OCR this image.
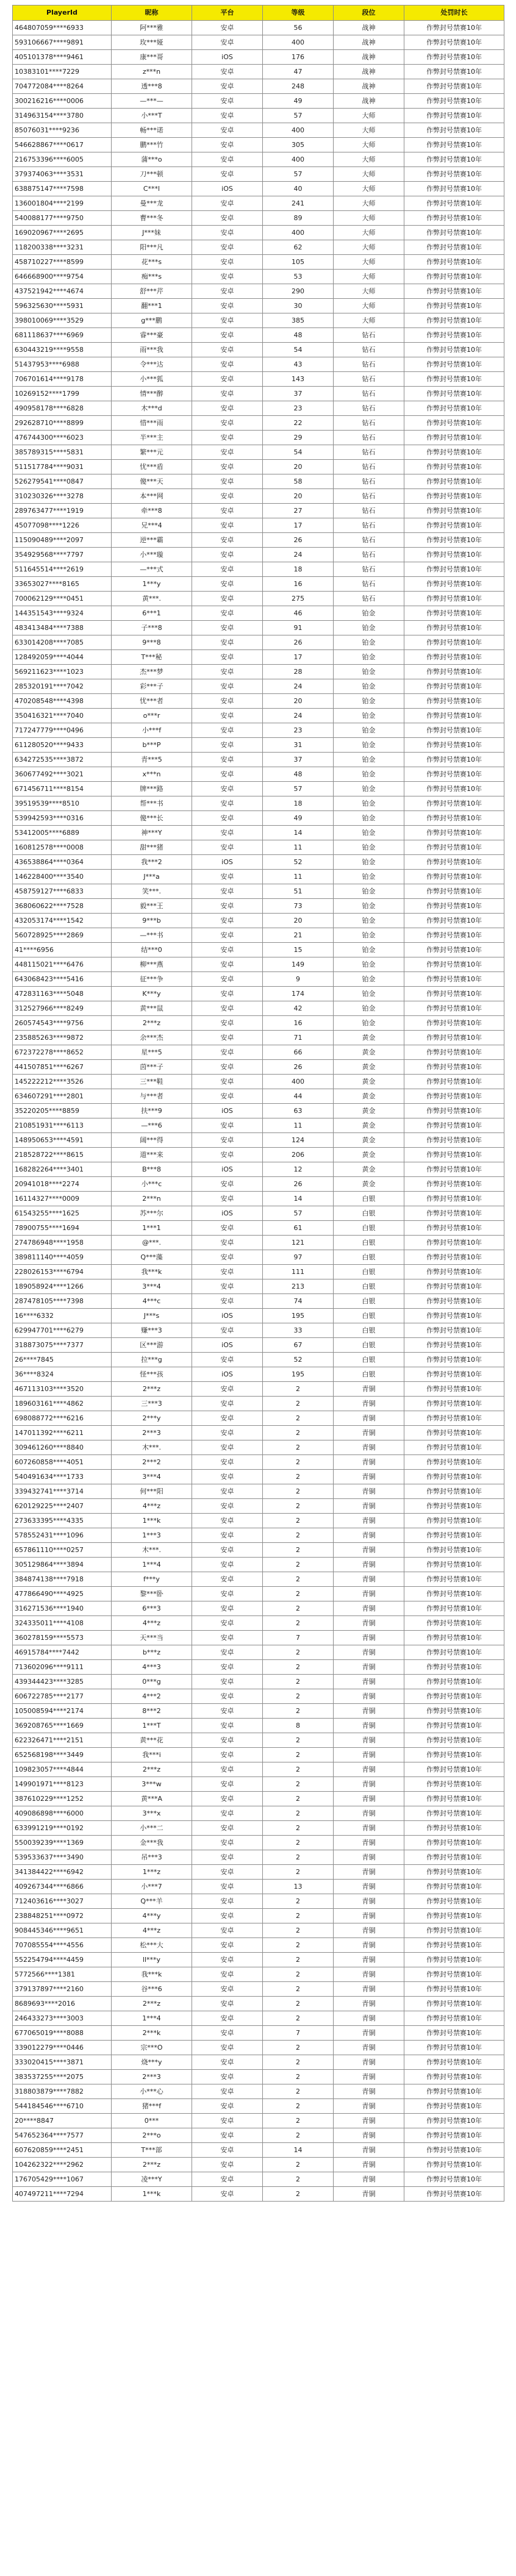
PlayerId	昵称	平台	等级	段位	处罚时长
464807059****6933	阿***雅	安卓	56	战神	作弊封号禁赛10年
593106667****9891	玫***娅	安卓	400	战神	作弊封号禁赛10年
405101378****9461	康***哥	iOS	176	战神	作弊封号禁赛10年
10383101****7229	z***n	安卓	47	战神	作弊封号禁赛10年
704772084****8264	透***8	安卓	248	战神	作弊封号禁赛10年
300216216****0006	—***—	安卓	49	战神	作弊封号禁赛10年
314963154****3780	小***T	安卓	57	大师	作弊封号禁赛10年
85076031****9236	畅***诺	安卓	400	大师	作弊封号禁赛10年
546628867****0617	鹏***竹	安卓	305	大师	作弊封号禁赛10年
216753396****6005	蒲***o	安卓	400	大师	作弊封号禁赛10年
379374063****3531	刀***顿	安卓	57	大师	作弊封号禁赛10年
638875147****7598	C***l	iOS	40	大师	作弊封号禁赛10年
136001804****2199	曼***龙	安卓	241	大师	作弊封号禁赛10年
540088177****9750	曹***冬	安卓	89	大师	作弊封号禁赛10年
169020967****2695	J***妹	安卓	400	大师	作弊封号禁赛10年
118200338****3231	阳***凡	安卓	62	大师	作弊封号禁赛10年
458710227****8599	花***s	安卓	105	大师	作弊封号禁赛10年
646668900****9754	痴***s	安卓	53	大师	作弊封号禁赛10年
437521942****4674	舒***芹	安卓	290	大师	作弊封号禁赛10年
596325630****5931	翻***1	安卓	30	大师	作弊封号禁赛10年
398010069****3529	g***鹏	安卓	385	大师	作弊封号禁赛10年
681118637****6969	睿***豪	安卓	48	钻石	作弊封号禁赛10年
630443219****9558	雨***我	安卓	54	钻石	作弊封号禁赛10年
51437953****6988	令***达	安卓	43	钻石	作弊封号禁赛10年
706701614****9178	小***狐	安卓	143	钻石	作弊封号禁赛10年
10269152****1799	情***醉	安卓	37	钻石	作弊封号禁赛10年
490958178****6828	木***d	安卓	23	钻石	作弊封号禁赛10年
292628710****8899	惜***雨	安卓	22	钻石	作弊封号禁赛10年
476744300****6023	半***主	安卓	29	钻石	作弊封号禁赛10年
385789315****5831	繁***元	安卓	54	钻石	作弊封号禁赛10年
511517784****9031	忧***盾	安卓	20	钻石	作弊封号禁赛10年
526279541****0847	傻***天	安卓	58	钻石	作弊封号禁赛10年
310230326****3278	本***网	安卓	20	钻石	作弊封号禁赛10年
289763477****1919	牵***8	安卓	27	钻石	作弊封号禁赛10年
45077098****1226	兄***4	安卓	17	钻石	作弊封号禁赛10年
115090489****2097	逆***霸	安卓	26	钻石	作弊封号禁赛10年
354929568****7797	小***璇	安卓	24	钻石	作弊封号禁赛10年
511645514****2619	—***式	安卓	18	钻石	作弊封号禁赛10年
33653027****8165	1***y	安卓	16	钻石	作弊封号禁赛10年
700062129****0451	黄***.	安卓	275	钻石	作弊封号禁赛10年
144351543****9324	6***1	安卓	46	铂金	作弊封号禁赛10年
483413484****7388	子***8	安卓	91	铂金	作弊封号禁赛10年
633014208****7085	9***8	安卓	26	铂金	作弊封号禁赛10年
128492059****4044	T***秘	安卓	17	铂金	作弊封号禁赛10年
569211623****1023	杰***梦	安卓	28	铂金	作弊封号禁赛10年
285320191****7042	彩***子	安卓	24	铂金	作弊封号禁赛10年
470208548****4398	忧***者	安卓	20	铂金	作弊封号禁赛10年
350416321****7040	o***r	安卓	24	铂金	作弊封号禁赛10年
717247779****0496	小***f	安卓	23	铂金	作弊封号禁赛10年
611280520****9433	b***P	安卓	31	铂金	作弊封号禁赛10年
634272535****3872	青***5	安卓	37	铂金	作弊封号禁赛10年
360677492****3021	x***n	安卓	48	铂金	作弊封号禁赛10年
671456711****8154	牌***路	安卓	57	铂金	作弊封号禁赛10年
39519539****8510	帮***书	安卓	18	铂金	作弊封号禁赛10年
539942593****0316	傻***长	安卓	49	铂金	作弊封号禁赛10年
53412005****6889	神***Y	安卓	14	铂金	作弊封号禁赛10年
160812578****0008	甜***猪	安卓	11	铂金	作弊封号禁赛10年
436538864****0364	我***2	iOS	52	铂金	作弊封号禁赛10年
146228400****3540	J***a	安卓	11	铂金	作弊封号禁赛10年
458759127****6833	笑***.	安卓	51	铂金	作弊封号禁赛10年
368060622****7528	毅***王	安卓	73	铂金	作弊封号禁赛10年
432053174****1542	9***b	安卓	20	铂金	作弊封号禁赛10年
560728925****2869	—***书	安卓	21	铂金	作弊封号禁赛10年
41****6956	结***0	安卓	15	铂金	作弊封号禁赛10年
448115021****6476	柳***燕	安卓	149	铂金	作弊封号禁赛10年
643068423****5416	征***争	安卓	9	铂金	作弊封号禁赛10年
472831163****5048	K***y	安卓	174	铂金	作弊封号禁赛10年
312527966****8249	黄***鼠	安卓	42	铂金	作弊封号禁赛10年
260574543****9756	2***z	安卓	16	铂金	作弊封号禁赛10年
235885263****9872	余***杰	安卓	71	黄金	作弊封号禁赛10年
672372278****8652	星***5	安卓	66	黄金	作弊封号禁赛10年
441507851****6267	茵***子	安卓	26	黄金	作弊封号禁赛10年
145222212****3526	三***鞋	安卓	400	黄金	作弊封号禁赛10年
634607291****2801	与***者	安卓	44	黄金	作弊封号禁赛10年
35220205****8859	扶***9	iOS	63	黄金	作弊封号禁赛10年
210851931****6113	—***6	安卓	11	黄金	作弊封号禁赛10年
148950653****4591	阔***得	安卓	124	黄金	作弊封号禁赛10年
218528722****8615	道***来	安卓	206	黄金	作弊封号禁赛10年
168282264****3401	B***8	iOS	12	黄金	作弊封号禁赛10年
20941018****2274	小***c	安卓	26	黄金	作弊封号禁赛10年
16114327****0009	2***n	安卓	14	白银	作弊封号禁赛10年
61543255****1625	苏***尔	iOS	57	白银	作弊封号禁赛10年
78900755****1694	1***1	安卓	61	白银	作弊封号禁赛10年
274786948****1958	@***.	安卓	121	白银	作弊封号禁赛10年
389811140****4059	Q***藻	安卓	97	白银	作弊封号禁赛10年
228026153****6794	我***k	安卓	111	白银	作弊封号禁赛10年
189058924****1266	3***4	安卓	213	白银	作弊封号禁赛10年
287478105****7398	4***c	安卓	74	白银	作弊封号禁赛10年
16****6332	J***s	iOS	195	白银	作弊封号禁赛10年
629947701****6279	赚***3	安卓	33	白银	作弊封号禁赛10年
318873075****7377	区***游	iOS	67	白银	作弊封号禁赛10年
26****7845	拉***g	安卓	52	白银	作弊封号禁赛10年
36****8324	怪***孩	iOS	195	白银	作弊封号禁赛10年
467113103****3520	2***z	安卓	2	青铜	作弊封号禁赛10年
189603161****4862	三***3	安卓	2	青铜	作弊封号禁赛10年
698088772****6216	2***y	安卓	2	青铜	作弊封号禁赛10年
147011392****6211	2***3	安卓	2	青铜	作弊封号禁赛10年
309461260****8840	木***.	安卓	2	青铜	作弊封号禁赛10年
607260858****4051	2***2	安卓	2	青铜	作弊封号禁赛10年
540491634****1733	3***4	安卓	2	青铜	作弊封号禁赛10年
339432741****3714	何***阳	安卓	2	青铜	作弊封号禁赛10年
620129225****2407	4***z	安卓	2	青铜	作弊封号禁赛10年
273633395****4335	1***k	安卓	2	青铜	作弊封号禁赛10年
578552431****1096	1***3	安卓	2	青铜	作弊封号禁赛10年
657861110****0257	木***.	安卓	2	青铜	作弊封号禁赛10年
305129864****3894	1***4	安卓	2	青铜	作弊封号禁赛10年
384874138****7918	f***y	安卓	2	青铜	作弊封号禁赛10年
477866490****4925	黎***卧	安卓	2	青铜	作弊封号禁赛10年
316271536****1940	6***3	安卓	2	青铜	作弊封号禁赛10年
324335011****4108	4***z	安卓	2	青铜	作弊封号禁赛10年
360278159****5573	天***当	安卓	7	青铜	作弊封号禁赛10年
46915784****7442	b***z	安卓	2	青铜	作弊封号禁赛10年
713602096****9111	4***3	安卓	2	青铜	作弊封号禁赛10年
439344423****3285	0***g	安卓	2	青铜	作弊封号禁赛10年
606722785****2177	4***2	安卓	2	青铜	作弊封号禁赛10年
105008594****2174	8***2	安卓	2	青铜	作弊封号禁赛10年
369208765****1669	1***T	安卓	8	青铜	作弊封号禁赛10年
622326471****2151	黄***花	安卓	2	青铜	作弊封号禁赛10年
652568198****3449	我***i	安卓	2	青铜	作弊封号禁赛10年
109823057****4844	2***z	安卓	2	青铜	作弊封号禁赛10年
149901971****8123	3***w	安卓	2	青铜	作弊封号禁赛10年
387610229****1252	黄***A	安卓	2	青铜	作弊封号禁赛10年
409086898****6000	3***x	安卓	2	青铜	作弊封号禁赛10年
633991219****0192	小***二	安卓	2	青铜	作弊封号禁赛10年
550039239****1369	金***我	安卓	2	青铜	作弊封号禁赛10年
539533637****3490	吊***3	安卓	2	青铜	作弊封号禁赛10年
341384422****6942	1***z	安卓	2	青铜	作弊封号禁赛10年
409267344****6866	小***7	安卓	13	青铜	作弊封号禁赛10年
712403616****3027	Q***羊	安卓	2	青铜	作弊封号禁赛10年
238848251****0972	4***y	安卓	2	青铜	作弊封号禁赛10年
908445346****9651	4***z	安卓	2	青铜	作弊封号禁赛10年
707085554****4556	松***大	安卓	2	青铜	作弊封号禁赛10年
552254794****4459	ll***y	安卓	2	青铜	作弊封号禁赛10年
5772566****1381	我***k	安卓	2	青铜	作弊封号禁赛10年
379137897****2160	谷***6	安卓	2	青铜	作弊封号禁赛10年
8689693****2016	2***z	安卓	2	青铜	作弊封号禁赛10年
246433273****3003	1***4	安卓	2	青铜	作弊封号禁赛10年
677065019****8088	2***k	安卓	7	青铜	作弊封号禁赛10年
339012279****0446	宗***O	安卓	2	青铜	作弊封号禁赛10年
333020415****3871	烧***y	安卓	2	青铜	作弊封号禁赛10年
383537255****2075	2***3	安卓	2	青铜	作弊封号禁赛10年
318803879****7882	小***心	安卓	2	青铜	作弊封号禁赛10年
544184546****6710	猪***f	安卓	2	青铜	作弊封号禁赛10年
20****8847	0***	安卓	2	青铜	作弊封号禁赛10年
547652364****7577	2***o	安卓	2	青铜	作弊封号禁赛10年
607620859****2451	T***部	安卓	14	青铜	作弊封号禁赛10年
104262322****2962	2***z	安卓	2	青铜	作弊封号禁赛10年
176705429****1067	凌***Y	安卓	2	青铜	作弊封号禁赛10年
407497211****7294	1***k	安卓	2	青铜	作弊封号禁赛10年
